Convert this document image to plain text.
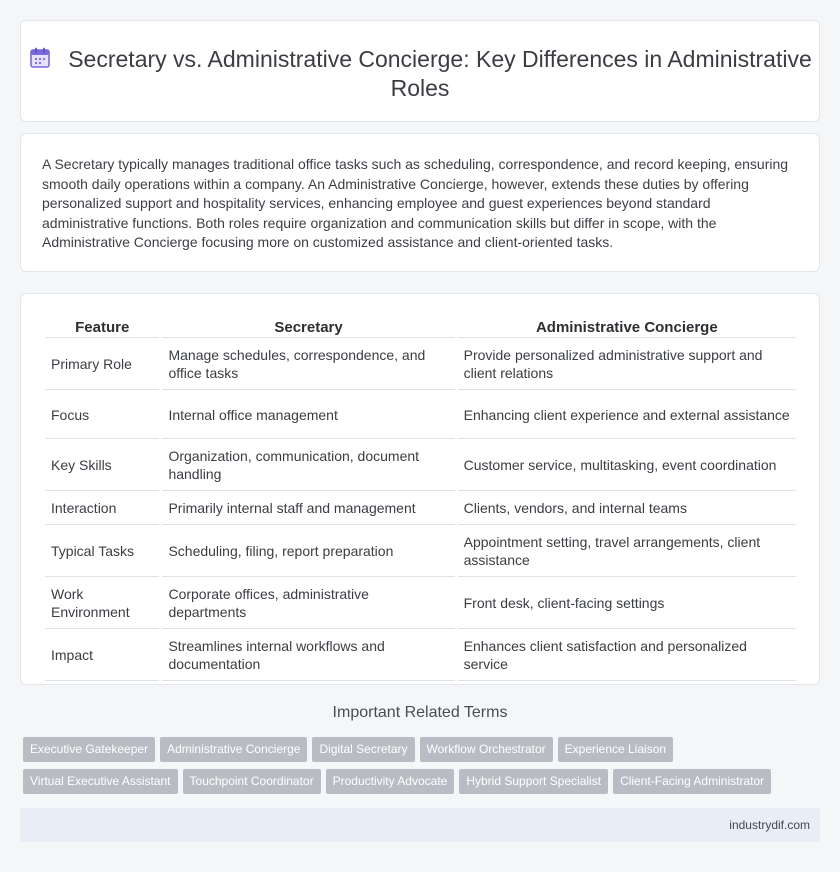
Secretary vs. Administrative Concierge: Key Differences in Administrative Roles

A Secretary typically manages traditional office tasks such as scheduling, correspondence, and record keeping, ensuring smooth daily operations within a company. An Administrative Concierge, however, extends these duties by offering personalized support and hospitality services, enhancing employee and guest experiences beyond standard administrative functions. Both roles require organization and communication skills but differ in scope, with the Administrative Concierge focusing more on customized assistance and client-oriented tasks.

Feature	Secretary	Administrative Concierge
Primary Role	Manage schedules, correspondence, and office tasks	Provide personalized administrative support and client relations
Focus	Internal office management	Enhancing client experience and external assistance
Key Skills	Organization, communication, document handling	Customer service, multitasking, event coordination
Interaction	Primarily internal staff and management	Clients, vendors, and internal teams
Typical Tasks	Scheduling, filing, report preparation	Appointment setting, travel arrangements, client assistance
Work Environment	Corporate offices, administrative departments	Front desk, client-facing settings
Impact	Streamlines internal workflows and documentation	Enhances client satisfaction and personalized service
Important Related Terms
Executive Gatekeeper Administrative Concierge Digital Secretary Workflow Orchestrator Experience Liaison
Virtual Executive Assistant Touchpoint Coordinator Productivity Advocate Hybrid Support Specialist Client-Facing Administrator
industrydif.com
